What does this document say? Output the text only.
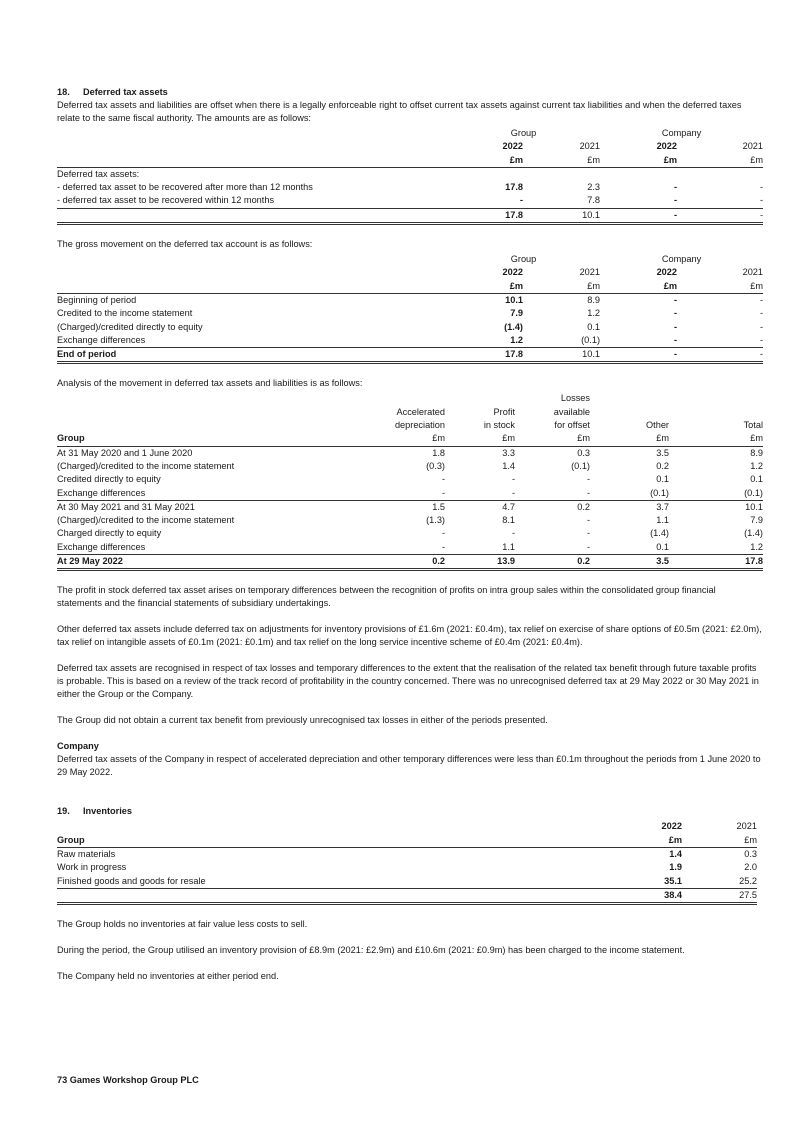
18. Deferred tax assets

Deferred tax assets and liabilities are offset when there is a legally enforceable right to offset current tax assets against current tax liabilities and when the deferred taxes relate to the same fiscal authority. The amounts are as follows:

	Group		Company	
	2022	2021	2022	2021
	£m	£m	£m	£m
Deferred tax assets:				
- deferred tax asset to be recovered after more than 12 months	17.8	2.3	-	-
- deferred tax asset to be recovered within 12 months	-	7.8	-	-
	17.8	10.1	-	-

The gross movement on the deferred tax account is as follows:

	Group		Company	
	2022	2021	2022	2021
	£m	£m	£m	£m
Beginning of period	10.1	8.9	-	-
Credited to the income statement	7.9	1.2	-	-
(Charged)/credited directly to equity	(1.4)	0.1	-	-
Exchange differences	1.2	(0.1)	-	-
End of period	17.8	10.1	-	-

Analysis of the movement in deferred tax assets and liabilities is as follows:

			Losses		
	Accelerated	Profit	available		
	depreciation	in stock	for offset	Other	Total
Group	£m	£m	£m	£m	£m
At 31 May 2020 and 1 June 2020	1.8	3.3	0.3	3.5	8.9
(Charged)/credited to the income statement	(0.3)	1.4	(0.1)	0.2	1.2
Credited directly to equity	-	-	-	0.1	0.1
Exchange differences	-	-	-	(0.1)	(0.1)
At 30 May 2021 and 31 May 2021	1.5	4.7	0.2	3.7	10.1
(Charged)/credited to the income statement	(1.3)	8.1	-	1.1	7.9
Charged directly to equity	-	-	-	(1.4)	(1.4)
Exchange differences	-	1.1	-	0.1	1.2
At 29 May 2022	0.2	13.9	0.2	3.5	17.8

The profit in stock deferred tax asset arises on temporary differences between the recognition of profits on intra group sales within the consolidated group financial statements and the financial statements of subsidiary undertakings.

Other deferred tax assets include deferred tax on adjustments for inventory provisions of £1.6m (2021: £0.4m), tax relief on exercise of share options of £0.5m (2021: £2.0m), tax relief on intangible assets of £0.1m (2021: £0.1m) and tax relief on the long service incentive scheme of £0.4m (2021: £0.4m).

Deferred tax assets are recognised in respect of tax losses and temporary differences to the extent that the realisation of the related tax benefit through future taxable profits is probable. This is based on a review of the track record of profitability in the country concerned. There was no unrecognised deferred tax at 29 May 2022 or 30 May 2021 in either the Group or the Company.

The Group did not obtain a current tax benefit from previously unrecognised tax losses in either of the periods presented.

Company

Deferred tax assets of the Company in respect of accelerated depreciation and other temporary differences were less than £0.1m throughout the periods from 1 June 2020 to 29 May 2022.

19. Inventories
	2022	2021
Group	£m	£m
Raw materials	1.4	0.3
Work in progress	1.9	2.0
Finished goods and goods for resale	35.1	25.2
	38.4	27.5

The Group holds no inventories at fair value less costs to sell.

During the period, the Group utilised an inventory provision of £8.9m (2021: £2.9m) and £10.6m (2021: £0.9m) has been charged to the income statement.

The Company held no inventories at either period end.

73 Games Workshop Group PLC
